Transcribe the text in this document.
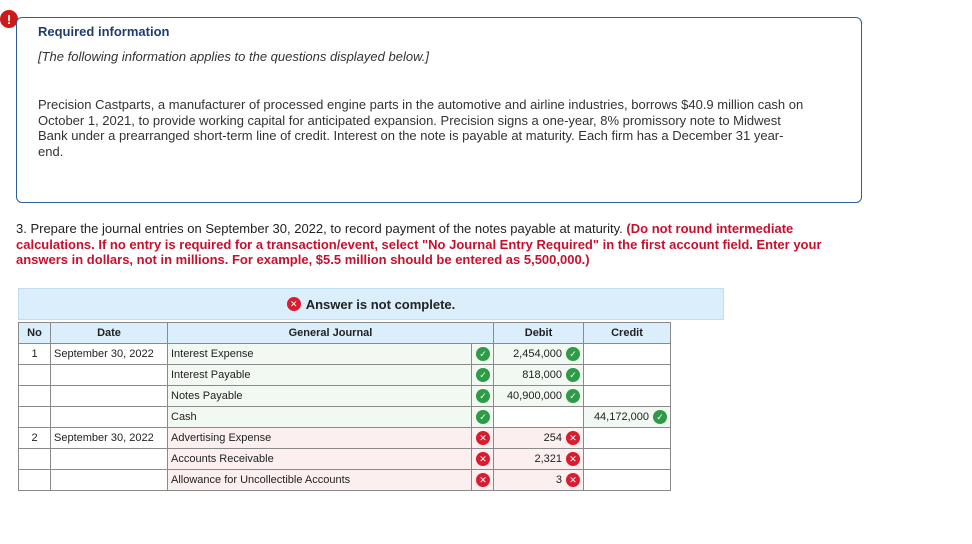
!
Required information
[The following information applies to the questions displayed below.]
Precision Castparts, a manufacturer of processed engine parts in the automotive and airline industries, borrows $40.9 million cash on October 1, 2021, to provide working capital for anticipated expansion. Precision signs a one-year, 8% promissory note to Midwest Bank under a prearranged short-term line of credit. Interest on the note is payable at maturity. Each firm has a December 31 year-end.
3. Prepare the journal entries on September 30, 2022, to record payment of the notes payable at maturity. (Do not round intermediate calculations. If no entry is required for a transaction/event, select "No Journal Entry Required" in the first account field. Enter your answers in dollars, not in millions. For example, $5.5 million should be entered as 5,500,000.)
✕ Answer is not complete.
No	Date	General Journal		Debit	Credit
1	September 30, 2022	Interest Expense	✓	2,454,000 ✓	
		Interest Payable	✓	818,000 ✓	
		Notes Payable	✓	40,900,000 ✓	
		Cash	✓		44,172,000 ✓
2	September 30, 2022	Advertising Expense	✕	254 ✕	
		Accounts Receivable	✕	2,321 ✕	
		Allowance for Uncollectible Accounts	✕	3 ✕	
